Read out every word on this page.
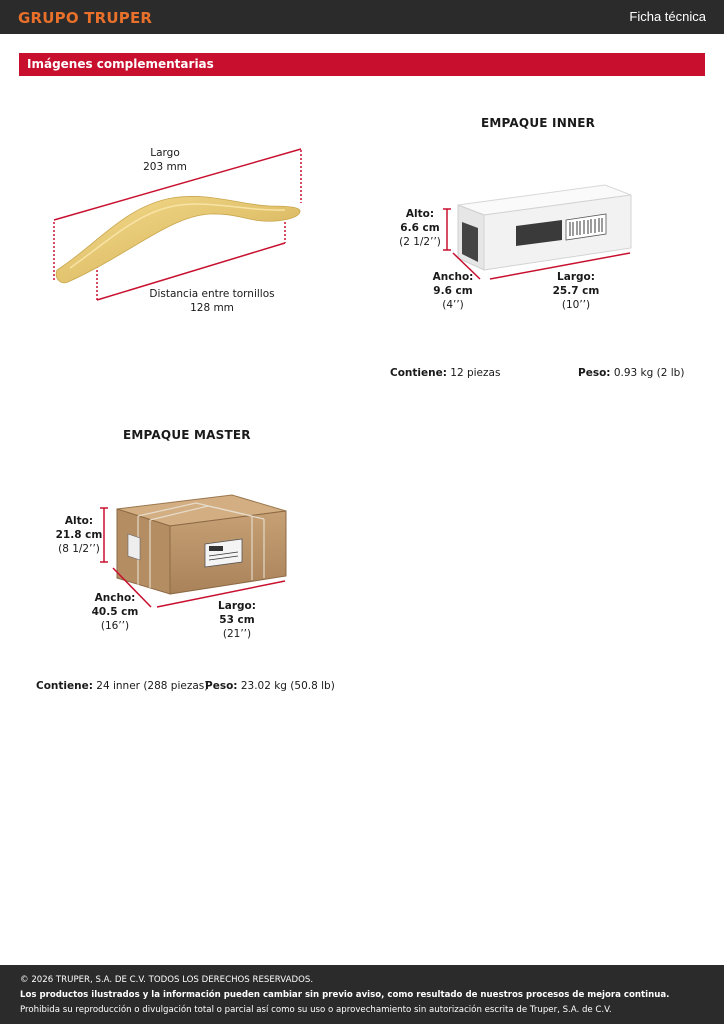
GRUPO TRUPER	Ficha técnica
Imágenes complementarias
Largo
203 mm
Distancia entre tornillos
128 mm
EMPAQUE INNER
Alto:
6.6 cm
(2 1/2’’)
Ancho:
9.6 cm
(4’’)
Largo:
25.7 cm
(10’’)
Contiene: 12 piezas	Peso: 0.93 kg (2 lb)
EMPAQUE MASTER
Alto:
21.8 cm
(8 1/2’’)
Ancho:
40.5 cm
(16’’)
Largo:
53 cm
(21’’)
Contiene: 24 inner (288 piezas)
Peso: 23.02 kg (50.8 lb)
© 2026 TRUPER, S.A. DE C.V. TODOS LOS DERECHOS RESERVADOS.
Los productos ilustrados y la información pueden cambiar sin previo aviso, como resultado de nuestros procesos de mejora continua.
Prohibida su reproducción o divulgación total o parcial así como su uso o aprovechamiento sin autorización escrita de Truper, S.A. de C.V.
